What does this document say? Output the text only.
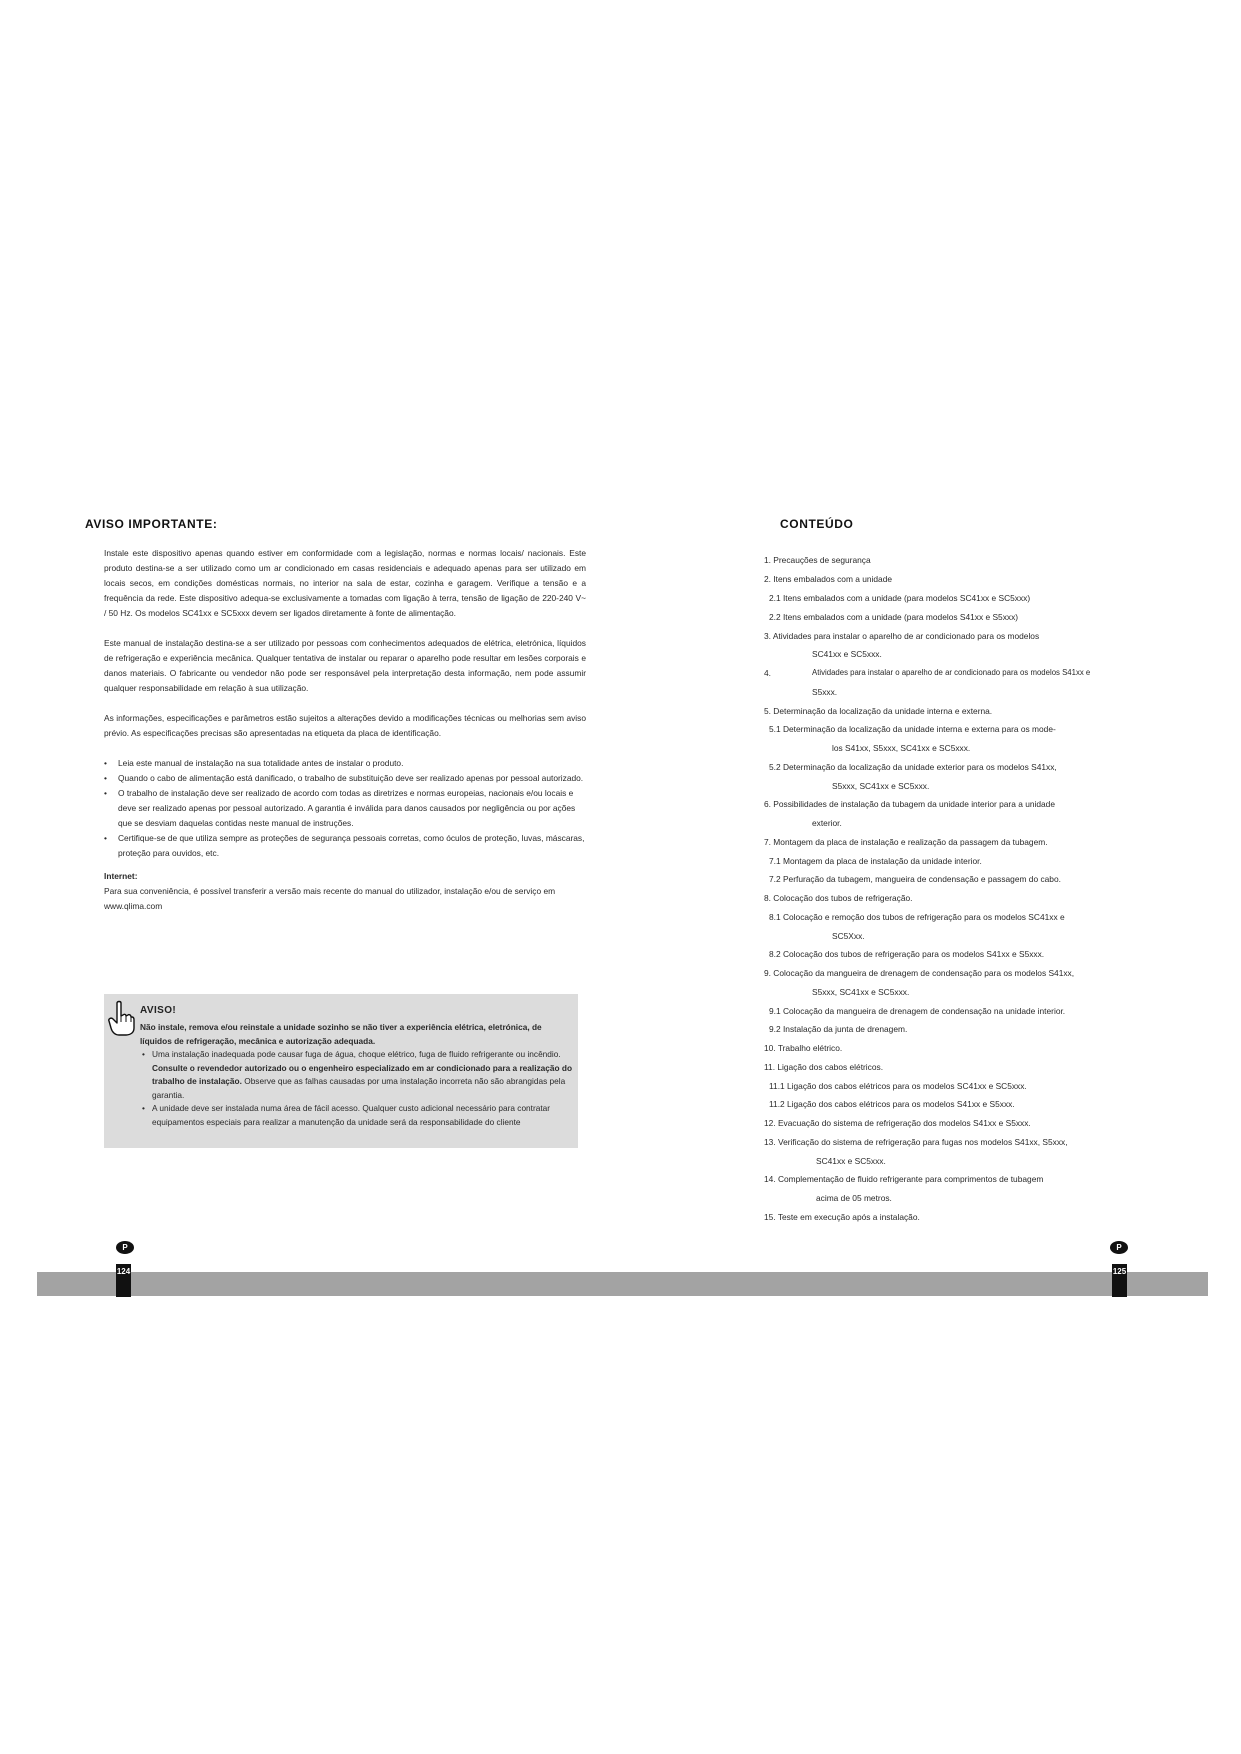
AVISO IMPORTANTE:

Instale este dispositivo apenas quando estiver em conformidade com a legislação, normas e normas locais/ nacionais. Este produto destina-se a ser utilizado como um ar condicionado em casas residenciais e adequado apenas para ser utilizado em locais secos, em condições domésticas normais, no interior na sala de estar, cozinha e garagem. Verifique a tensão e a frequência da rede. Este dispositivo adequa-se exclusivamente a tomadas com ligação à terra, tensão de ligação de 220-240 V~ / 50 Hz. Os modelos SC41xx e SC5xxx devem ser ligados diretamente à fonte de alimentação.

Este manual de instalação destina-se a ser utilizado por pessoas com conhecimentos adequados de elétrica, eletrónica, líquidos de refrigeração e experiência mecânica. Qualquer tentativa de instalar ou reparar o aparelho pode resultar em lesões corporais e danos materiais. O fabricante ou vendedor não pode ser responsável pela interpretação desta informação, nem pode assumir qualquer responsabilidade em relação à sua utilização.

As informações, especificações e parâmetros estão sujeitos a alterações devido a modificações técnicas ou melhorias sem aviso prévio. As especificações precisas são apresentadas na etiqueta da placa de identificação.

• Leia este manual de instalação na sua totalidade antes de instalar o produto.
• Quando o cabo de alimentação está danificado, o trabalho de substituição deve ser realizado apenas por pessoal autorizado.
• O trabalho de instalação deve ser realizado de acordo com todas as diretrizes e normas europeias, nacionais e/ou locais e deve ser realizado apenas por pessoal autorizado. A garantia é inválida para danos causados por negligência ou por ações que se desviam daquelas contidas neste manual de instruções.
• Certifique-se de que utiliza sempre as proteções de segurança pessoais corretas, como óculos de proteção, luvas, máscaras, proteção para ouvidos, etc.

Internet:

Para sua conveniência, é possível transferir a versão mais recente do manual do utilizador, instalação e/ou de serviço em www.qlima.com

AVISO!
Não instale, remova e/ou reinstale a unidade sozinho se não tiver a experiência elétrica, eletrónica, de líquidos de refrigeração, mecânica e autorização adequada.
• Uma instalação inadequada pode causar fuga de água, choque elétrico, fuga de fluido refrigerante ou incêndio. Consulte o revendedor autorizado ou o engenheiro especializado em ar condicionado para a realização do trabalho de instalação. Observe que as falhas causadas por uma instalação incorreta não são abrangidas pela garantia.
• A unidade deve ser instalada numa área de fácil acesso. Qualquer custo adicional necessário para contratar equipamentos especiais para realizar a manutenção da unidade será da responsabilidade do cliente
P
CONTEÚDO
1. Precauções de segurança
2. Itens embalados com a unidade
2.1 Itens embalados com a unidade (para modelos SC41xx e SC5xxx)
2.2 Itens embalados com a unidade (para modelos S41xx e S5xxx)
3. Atividades para instalar o aparelho de ar condicionado para os modelos
SC41xx e SC5xxx.
4.	Atividades para instalar o aparelho de ar condicionado para os modelos S41xx e
S5xxx.
5. Determinação da localização da unidade interna e externa.
5.1 Determinação da localização da unidade interna e externa para os mode-
los S41xx, S5xxx, SC41xx e SC5xxx.
5.2 Determinação da localização da unidade exterior para os modelos S41xx,
S5xxx, SC41xx e SC5xxx.
6. Possibilidades de instalação da tubagem da unidade interior para a unidade
exterior.
7. Montagem da placa de instalação e realização da passagem da tubagem.
7.1 Montagem da placa de instalação da unidade interior.
7.2 Perfuração da tubagem, mangueira de condensação e passagem do cabo.
8. Colocação dos tubos de refrigeração.
8.1 Colocação e remoção dos tubos de refrigeração para os modelos SC41xx e
SC5Xxx.
8.2 Colocação dos tubos de refrigeração para os modelos S41xx e S5xxx.
9. Colocação da mangueira de drenagem de condensação para os modelos S41xx,
S5xxx, SC41xx e SC5xxx.
9.1 Colocação da mangueira de drenagem de condensação na unidade interior.
9.2 Instalação da junta de drenagem.
10. Trabalho elétrico.
11. Ligação dos cabos elétricos.
11.1 Ligação dos cabos elétricos para os modelos SC41xx e SC5xxx.
11.2 Ligação dos cabos elétricos para os modelos S41xx e S5xxx.
12. Evacuação do sistema de refrigeração dos modelos S41xx e S5xxx.
13. Verificação do sistema de refrigeração para fugas nos modelos S41xx, S5xxx,
SC41xx e SC5xxx.
14. Complementação de fluido refrigerante para comprimentos de tubagem
acima de 05 metros.
15. Teste em execução após a instalação.
P
124	125
